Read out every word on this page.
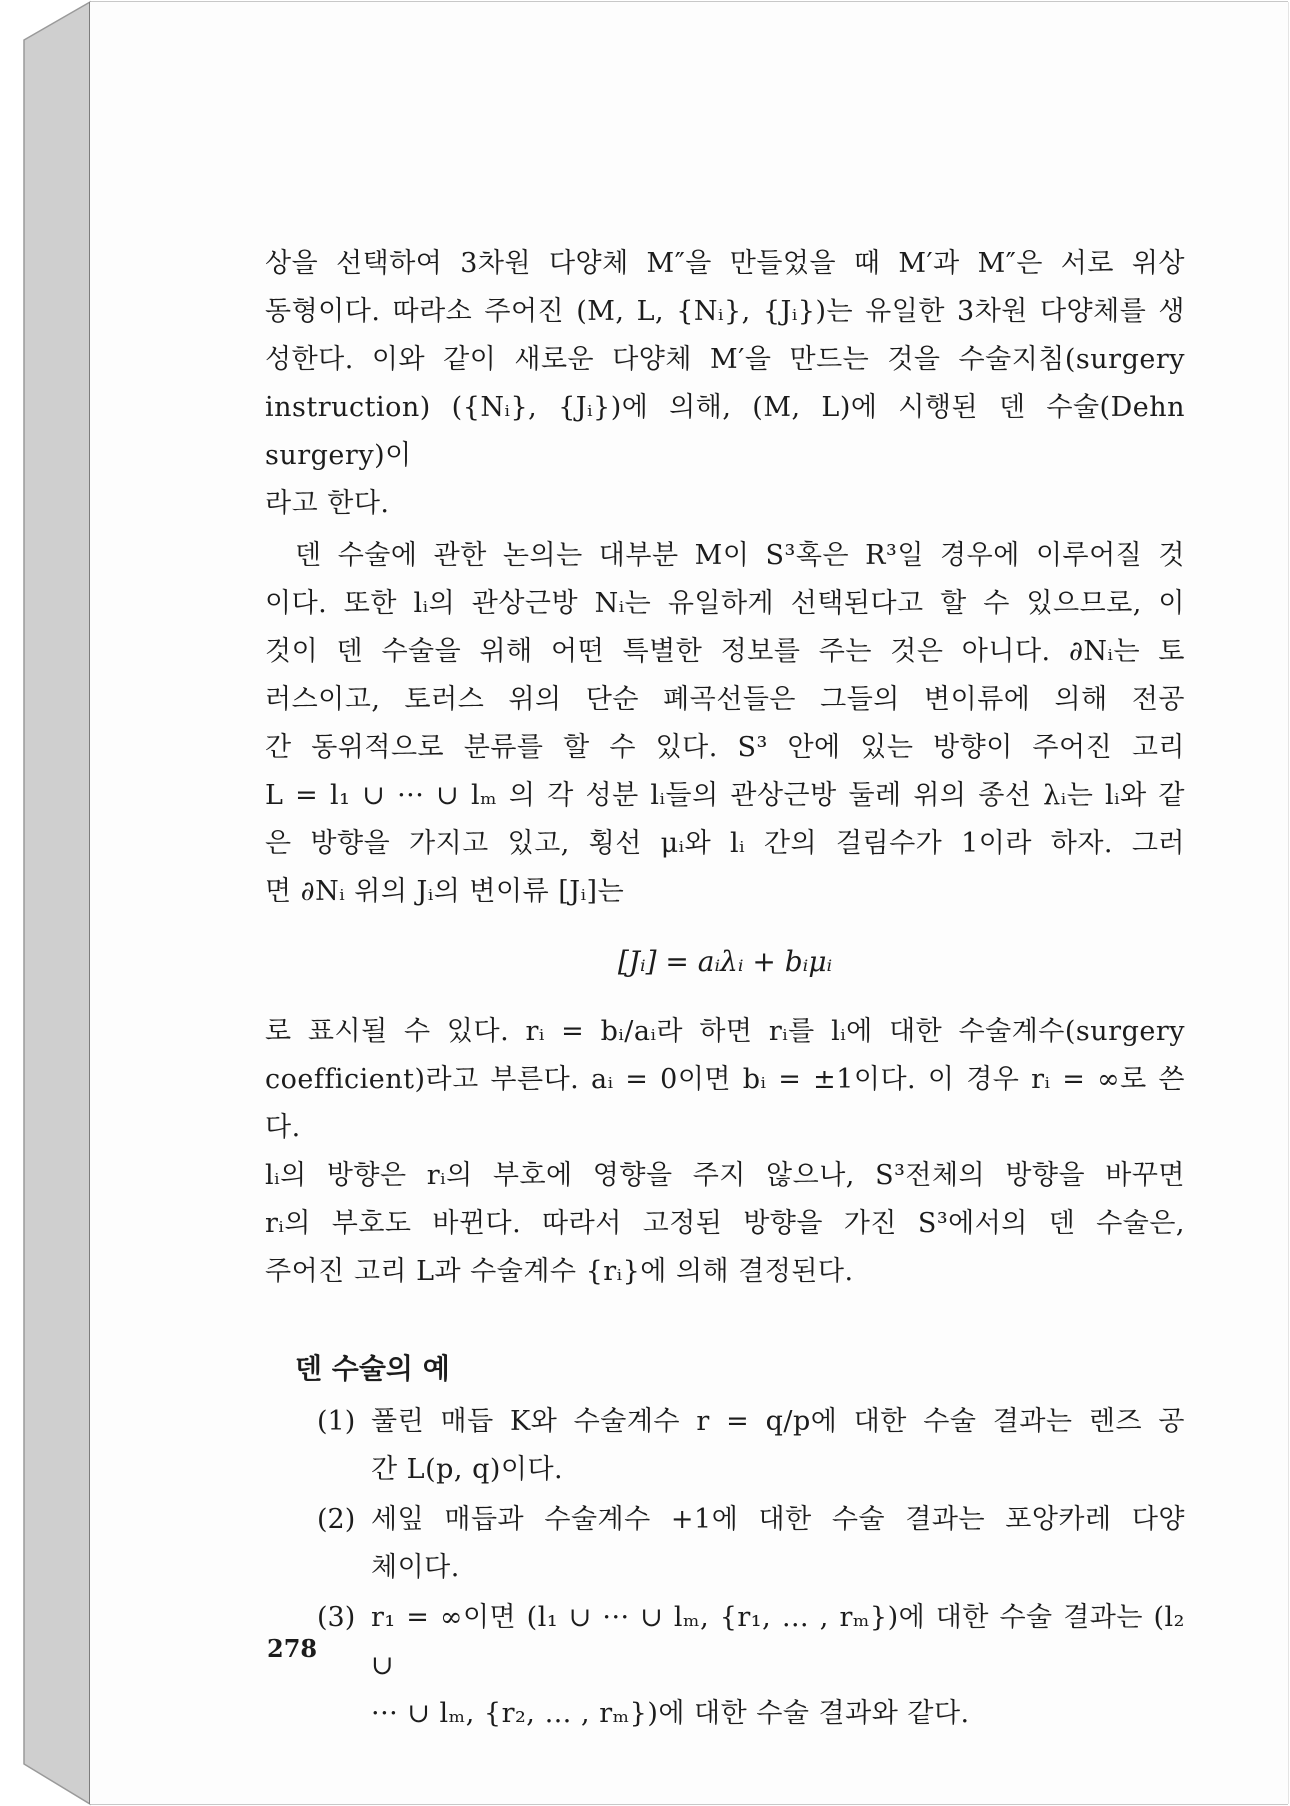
상을 선택하여 3차원 다양체 M″을 만들었을 때 M′과 M″은 서로 위상
동형이다. 따라소 주어진 (M, L, {Nᵢ}, {Jᵢ})는 유일한 3차원 다양체를 생
성한다. 이와 같이 새로운 다양체 M′을 만드는 것을 수술지침(surgery
instruction) ({Nᵢ}, {Jᵢ})에 의해, (M, L)에 시행된 덴 수술(Dehn surgery)이
라고 한다.

덴 수술에 관한 논의는 대부분 M이 S³혹은 R³일 경우에 이루어질 것
이다. 또한 lᵢ의 관상근방 Nᵢ는 유일하게 선택된다고 할 수 있으므로, 이
것이 덴 수술을 위해 어떤 특별한 정보를 주는 것은 아니다. ∂Nᵢ는 토
러스이고, 토러스 위의 단순 폐곡선들은 그들의 변이류에 의해 전공
간 동위적으로 분류를 할 수 있다. S³ 안에 있는 방향이 주어진 고리
L = l₁ ∪ ··· ∪ lₘ 의 각 성분 lᵢ들의 관상근방 둘레 위의 종선 λᵢ는 lᵢ와 같
은 방향을 가지고 있고, 횡선 μᵢ와 lᵢ 간의 걸림수가 1이라 하자. 그러
면 ∂Nᵢ 위의 Jᵢ의 변이류 [Jᵢ]는

[Jᵢ] = aᵢλᵢ + bᵢμᵢ

로 표시될 수 있다. rᵢ = bᵢ/aᵢ라 하면 rᵢ를 lᵢ에 대한 수술계수(surgery
coefficient)라고 부른다. aᵢ = 0이면 bᵢ = ±1이다. 이 경우 rᵢ = ∞로 쓴다.
lᵢ의 방향은 rᵢ의 부호에 영향을 주지 않으나, S³전체의 방향을 바꾸면
rᵢ의 부호도 바뀐다. 따라서 고정된 방향을 가진 S³에서의 덴 수술은,
주어진 고리 L과 수술계수 {rᵢ}에 의해 결정된다.

덴 수술의 예
(1) 풀린 매듭 K와 수술계수 r = q/p에 대한 수술 결과는 렌즈 공
간 L(p, q)이다.
(2) 세잎 매듭과 수술계수 +1에 대한 수술 결과는 포앙카레 다양
체이다.
(3) r₁ = ∞이면 (l₁ ∪ ··· ∪ lₘ, {r₁, … , rₘ})에 대한 수술 결과는 (l₂ ∪
··· ∪ lₘ, {r₂, … , rₘ})에 대한 수술 결과와 같다.
278
